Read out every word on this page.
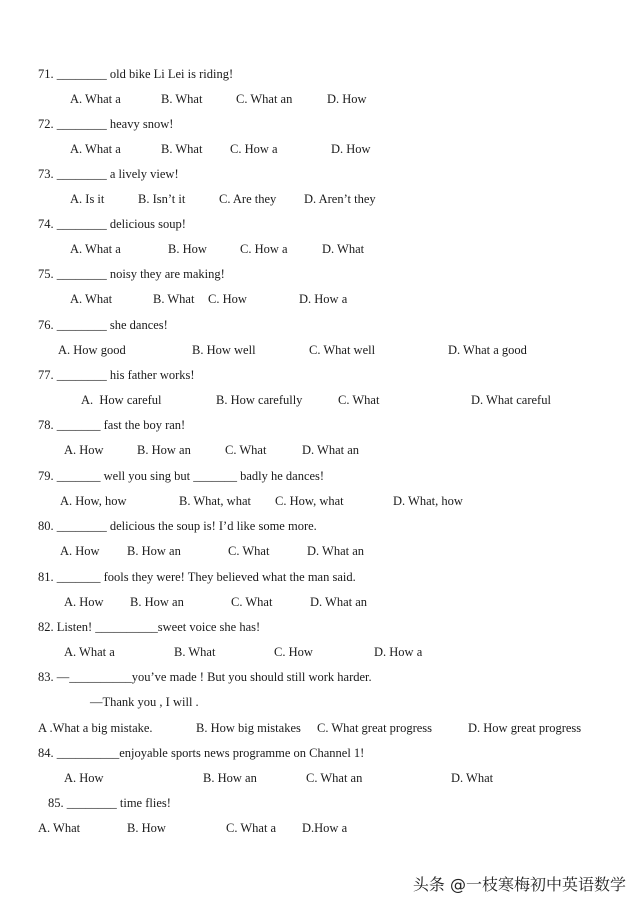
71. ________ old bike Li Lei is riding!
A. What a	B. What	C. What an	D. How
72. ________ heavy snow!
A. What a	B. What C. How a	D. How
73. ________ a lively view!
A. Is it	B. Isn’t it	C. Are they D. Aren’t they
74. ________ delicious soup!
A. What a	B. How	C. How a	D. What
75. ________ noisy they are making!
A. What	B. What C. How	D. How a
76. ________ she dances!
A. How good	B. How well	C. What well	D. What a good
77. ________ his father works!
A.  How careful	B. How carefully	C. What	D. What careful
78. _______ fast the boy ran!
A. How	B. How an	C. What	D. What an
79. _______ well you sing but _______ badly he dances!
A. How, how	B. What, what C. How, what	D. What, how
80. ________ delicious the soup is! I’d like some more.
A. How B. How an	C. What	D. What an
81. _______ fools they were! They believed what the man said.
A. How B. How an	C. What	D. What an
82. Listen! __________sweet voice she has!
A. What a	B. What	C. How	D. How a
83. —__________you’ve made ! But you should still work harder.
—Thank you , I will .
A .What a big mistake.	B. How big mistakes C. What great progress	D. How great progress
84. __________enjoyable sports news programme on Channel 1!
A. How	B. How an	C. What an	D. What
85. ________ time flies!
A. What	B. How	C. What a D.How a
头条 @一枝寒梅初中英语数学
